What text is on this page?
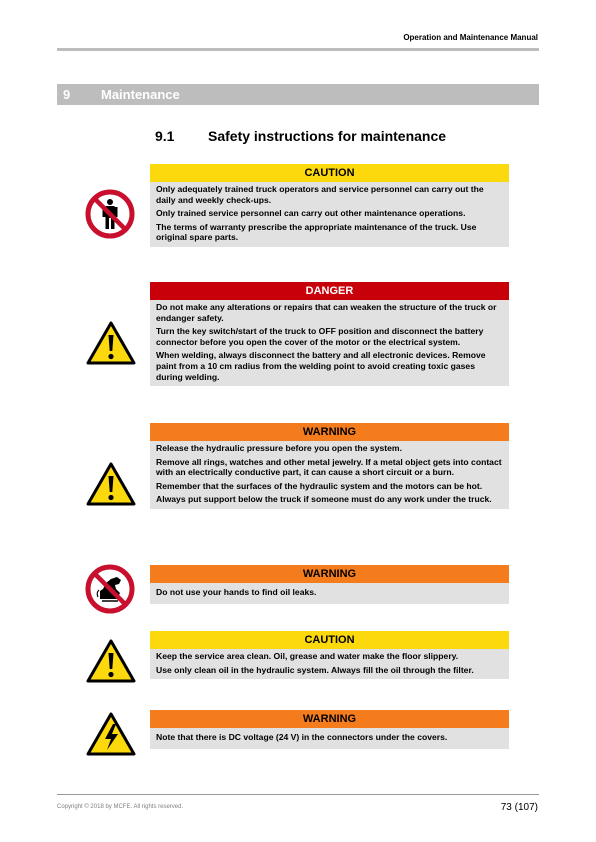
Operation and Maintenance Manual
9 Maintenance
9.1 Safety instructions for maintenance
CAUTION

Only adequately trained truck operators and service personnel can carry out the daily and weekly check-ups.

Only trained service personnel can carry out other maintenance operations.

The terms of warranty prescribe the appropriate maintenance of the truck. Use original spare parts.

DANGER

Do not make any alterations or repairs that can weaken the structure of the truck or endanger safety.

Turn the key switch/start of the truck to OFF position and disconnect the battery connector before you open the cover of the motor or the electrical system.

When welding, always disconnect the battery and all electronic devices. Remove paint from a 10 cm radius from the welding point to avoid creating toxic gases during welding.

WARNING

Release the hydraulic pressure before you open the system.

Remove all rings, watches and other metal jewelry. If a metal object gets into contact with an electrically conductive part, it can cause a short circuit or a burn.

Remember that the surfaces of the hydraulic system and the motors can be hot.

Always put support below the truck if someone must do any work under the truck.

WARNING

Do not use your hands to find oil leaks.

CAUTION

Keep the service area clean. Oil, grease and water make the floor slippery.

Use only clean oil in the hydraulic system. Always fill the oil through the filter.

WARNING

Note that there is DC voltage (24 V) in the connectors under the covers.

Copyright © 2018 by MCFE. All rights reserved.	73 (107)
